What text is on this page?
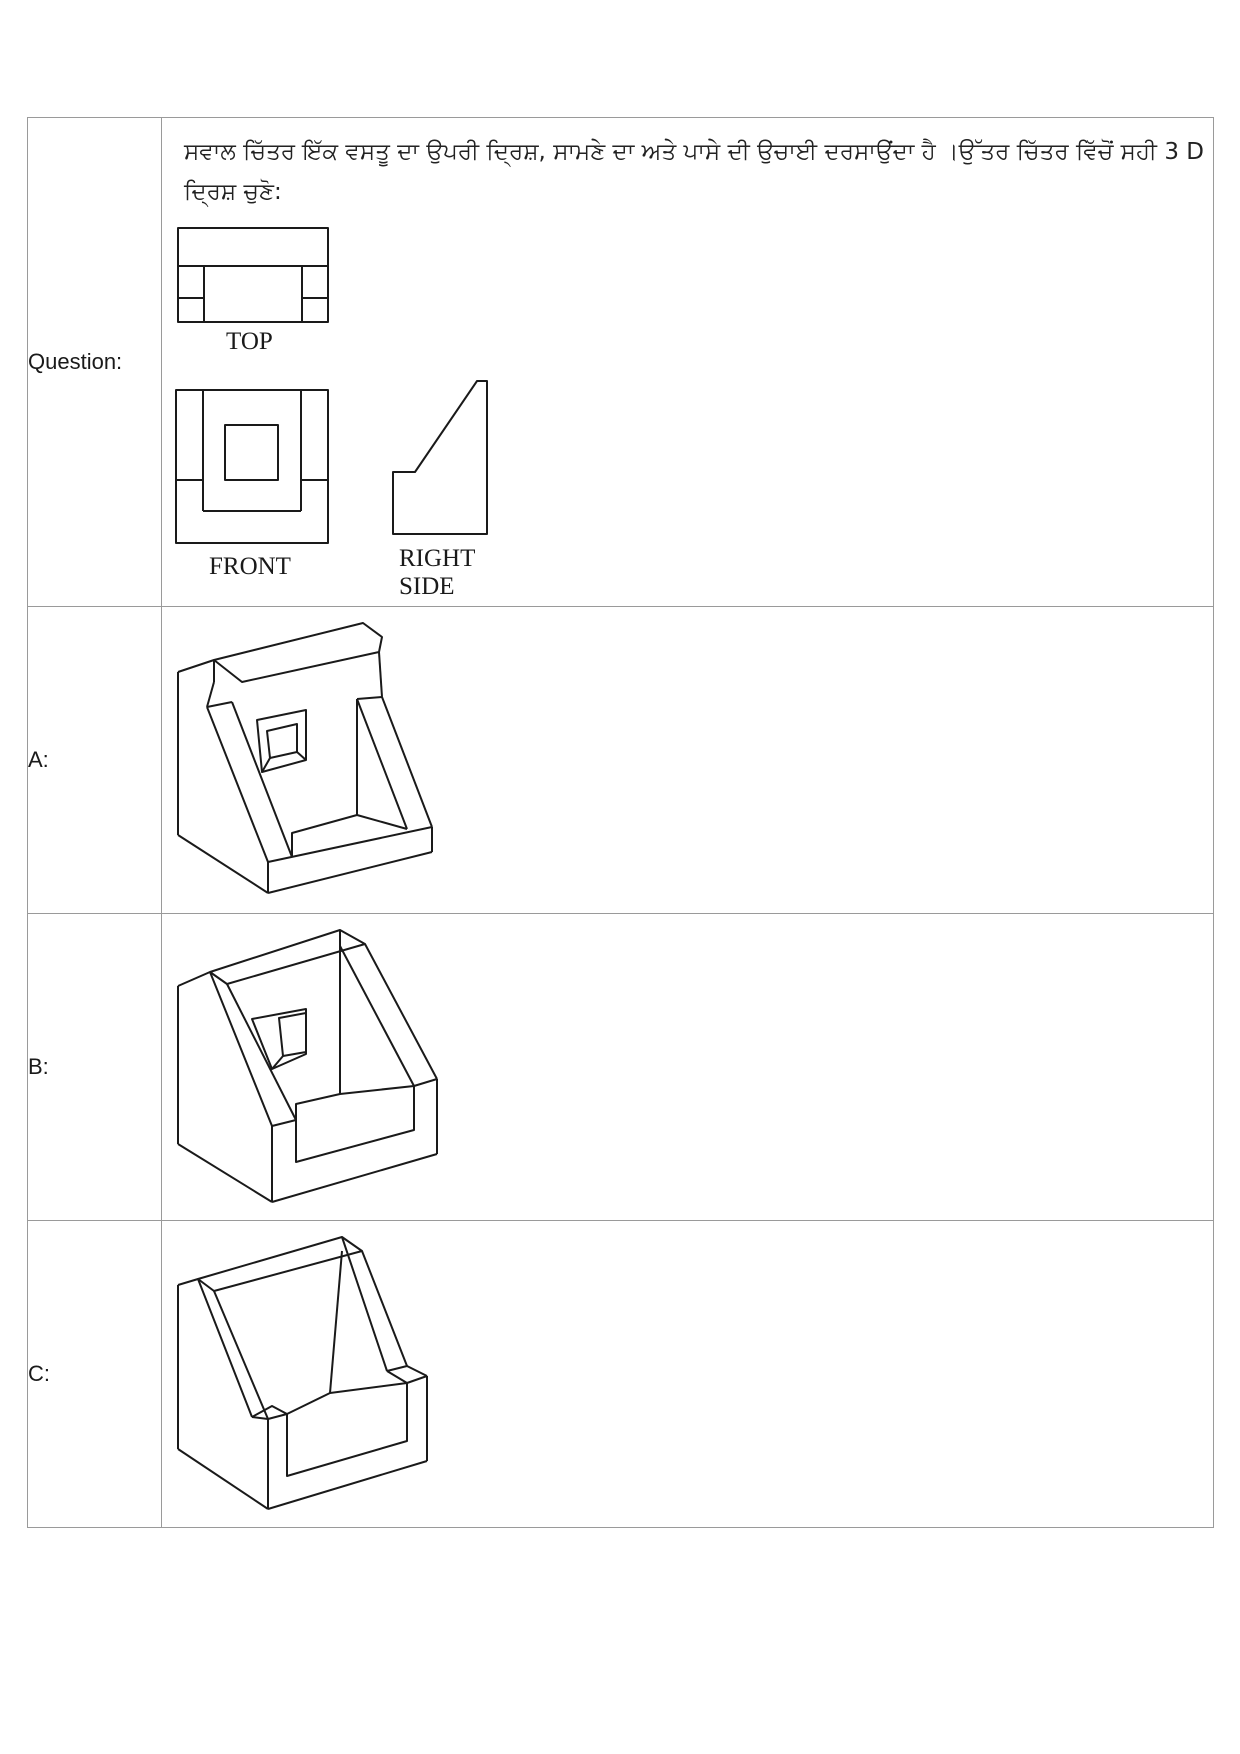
Question:	ਸਵਾਲ ਚਿੱਤਰ ਇੱਕ ਵਸਤੂ ਦਾ ਉਪਰੀ ਦ੍ਰਿਸ਼, ਸਾਮਣੇ ਦਾ ਅਤੇ ਪਾਸੇ ਦੀ ਉਚਾਈ ਦਰਸਾਉਂਦਾ ਹੈ ।ਉੱਤਰ ਚਿੱਤਰ ਵਿੱਚੋਂ ਸਹੀ 3 D ਦ੍ਰਿਸ਼ ਚੁਣੋ:
TOP
FRONT RIGHT
SIDE

A:	

B:	

C:	
